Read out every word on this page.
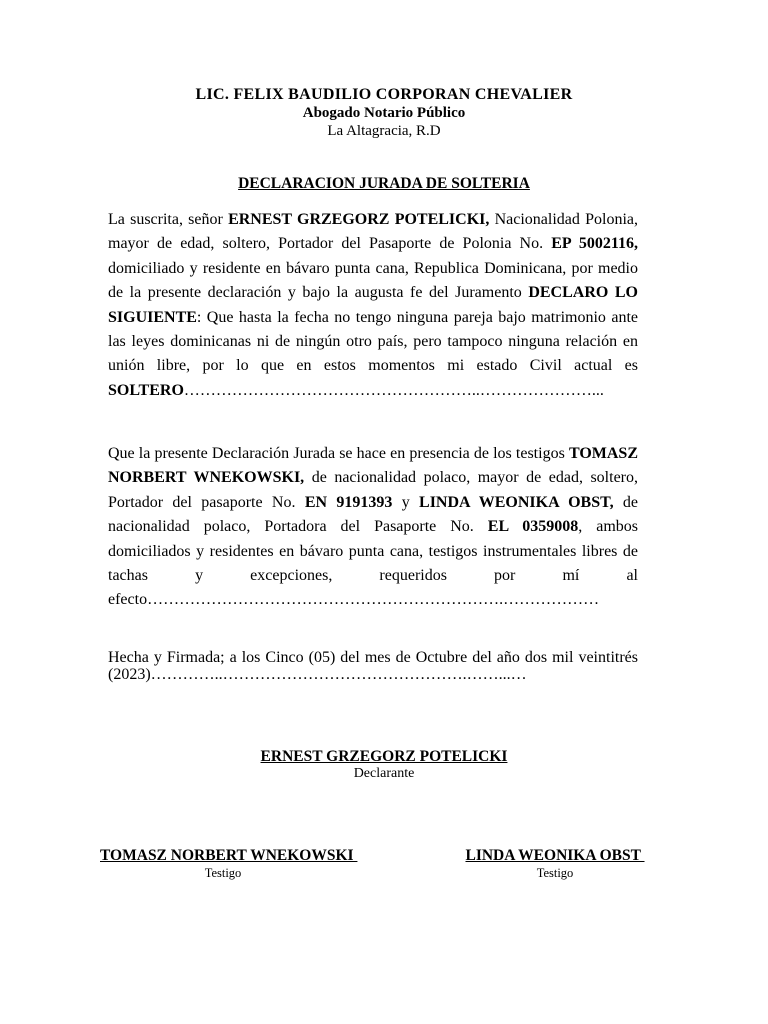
LIC. FELIX BAUDILIO CORPORAN CHEVALIER
Abogado Notario Público
La Altagracia, R.D
DECLARACION JURADA DE SOLTERIA
La suscrita, señor ERNEST GRZEGORZ POTELICKI, Nacionalidad Polonia, mayor de edad, soltero, Portador del Pasaporte de Polonia No. EP 5002116, domiciliado y residente en bávaro punta cana, Republica Dominicana, por medio de la presente declaración y bajo la augusta fe del Juramento DECLARO LO SIGUIENTE: Que hasta la fecha no tengo ninguna pareja bajo matrimonio ante las leyes dominicanas ni de ningún otro país, pero tampoco ninguna relación en unión libre, por lo que en estos momentos mi estado Civil actual es SOLTERO………………………………………………..…………………...
Que la presente Declaración Jurada se hace en presencia de los testigos TOMASZ NORBERT WNEKOWSKI, de nacionalidad polaco, mayor de edad, soltero, Portador del pasaporte No. EN 9191393 y LINDA WEONIKA OBST, de nacionalidad polaco, Portadora del Pasaporte No. EL 0359008, ambos domiciliados y residentes en bávaro punta cana, testigos instrumentales libres de tachas y excepciones, requeridos por mí al efecto………………………………………………………….………………
Hecha y Firmada; a los Cinco (05) del mes de Octubre del año dos mil veintitrés (2023)…………..……………………………………….……...…
ERNEST GRZEGORZ POTELICKI
Declarante
TOMASZ NORBERT WNEKOWSKI
Testigo
LINDA WEONIKA OBST
Testigo
